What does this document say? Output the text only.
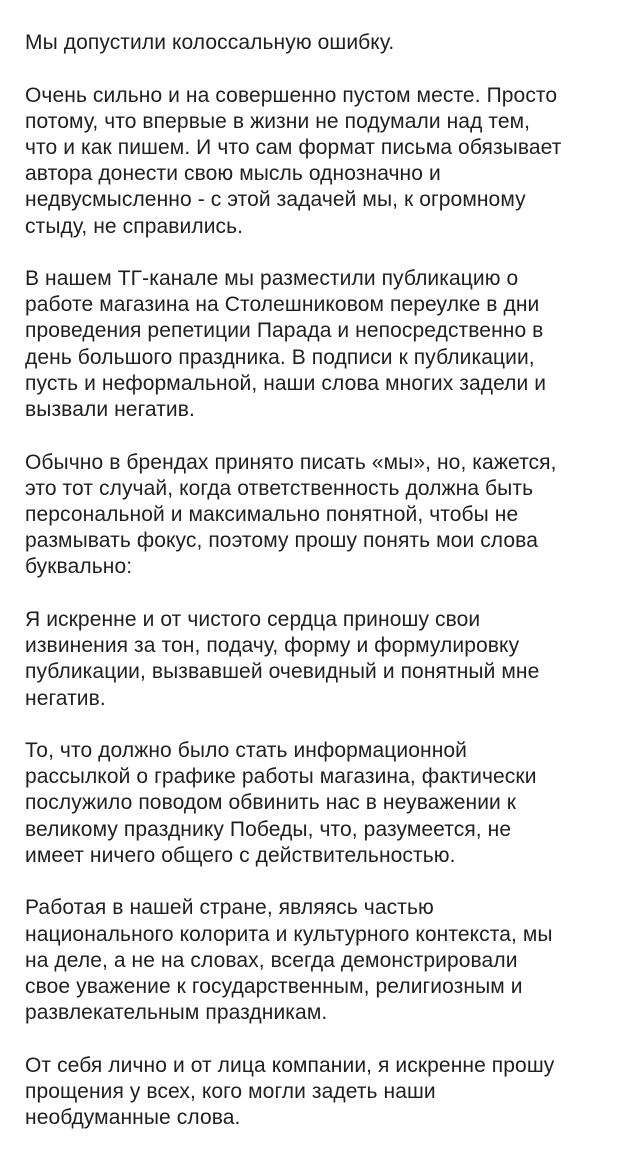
Мы допустили колоссальную ошибку.
Очень сильно и на совершенно пустом месте. Просто
потому, что впервые в жизни не подумали над тем,
что и как пишем. И что сам формат письма обязывает
автора донести свою мысль однозначно и
недвусмысленно - с этой задачей мы, к огромному
стыду, не справились.
В нашем ТГ-канале мы разместили публикацию о
работе магазина на Столешниковом переулке в дни
проведения репетиции Парада и непосредственно в
день большого праздника. В подписи к публикации,
пусть и неформальной, наши слова многих задели и
вызвали негатив.
Обычно в брендах принято писать «мы», но, кажется,
это тот случай, когда ответственность должна быть
персональной и максимально понятной, чтобы не
размывать фокус, поэтому прошу понять мои слова
буквально:
Я искренне и от чистого сердца приношу свои
извинения за тон, подачу, форму и формулировку
публикации, вызвавшей очевидный и понятный мне
негатив.
То, что должно было стать информационной
рассылкой о графике работы магазина, фактически
послужило поводом обвинить нас в неуважении к
великому празднику Победы, что, разумеется, не
имеет ничего общего с действительностью.
Работая в нашей стране, являясь частью
национального колорита и культурного контекста, мы
на деле, а не на словах, всегда демонстрировали
свое уважение к государственным, религиозным и
развлекательным праздникам.
От себя лично и от лица компании, я искренне прошу
прощения у всех, кого могли задеть наши
необдуманные слова.
